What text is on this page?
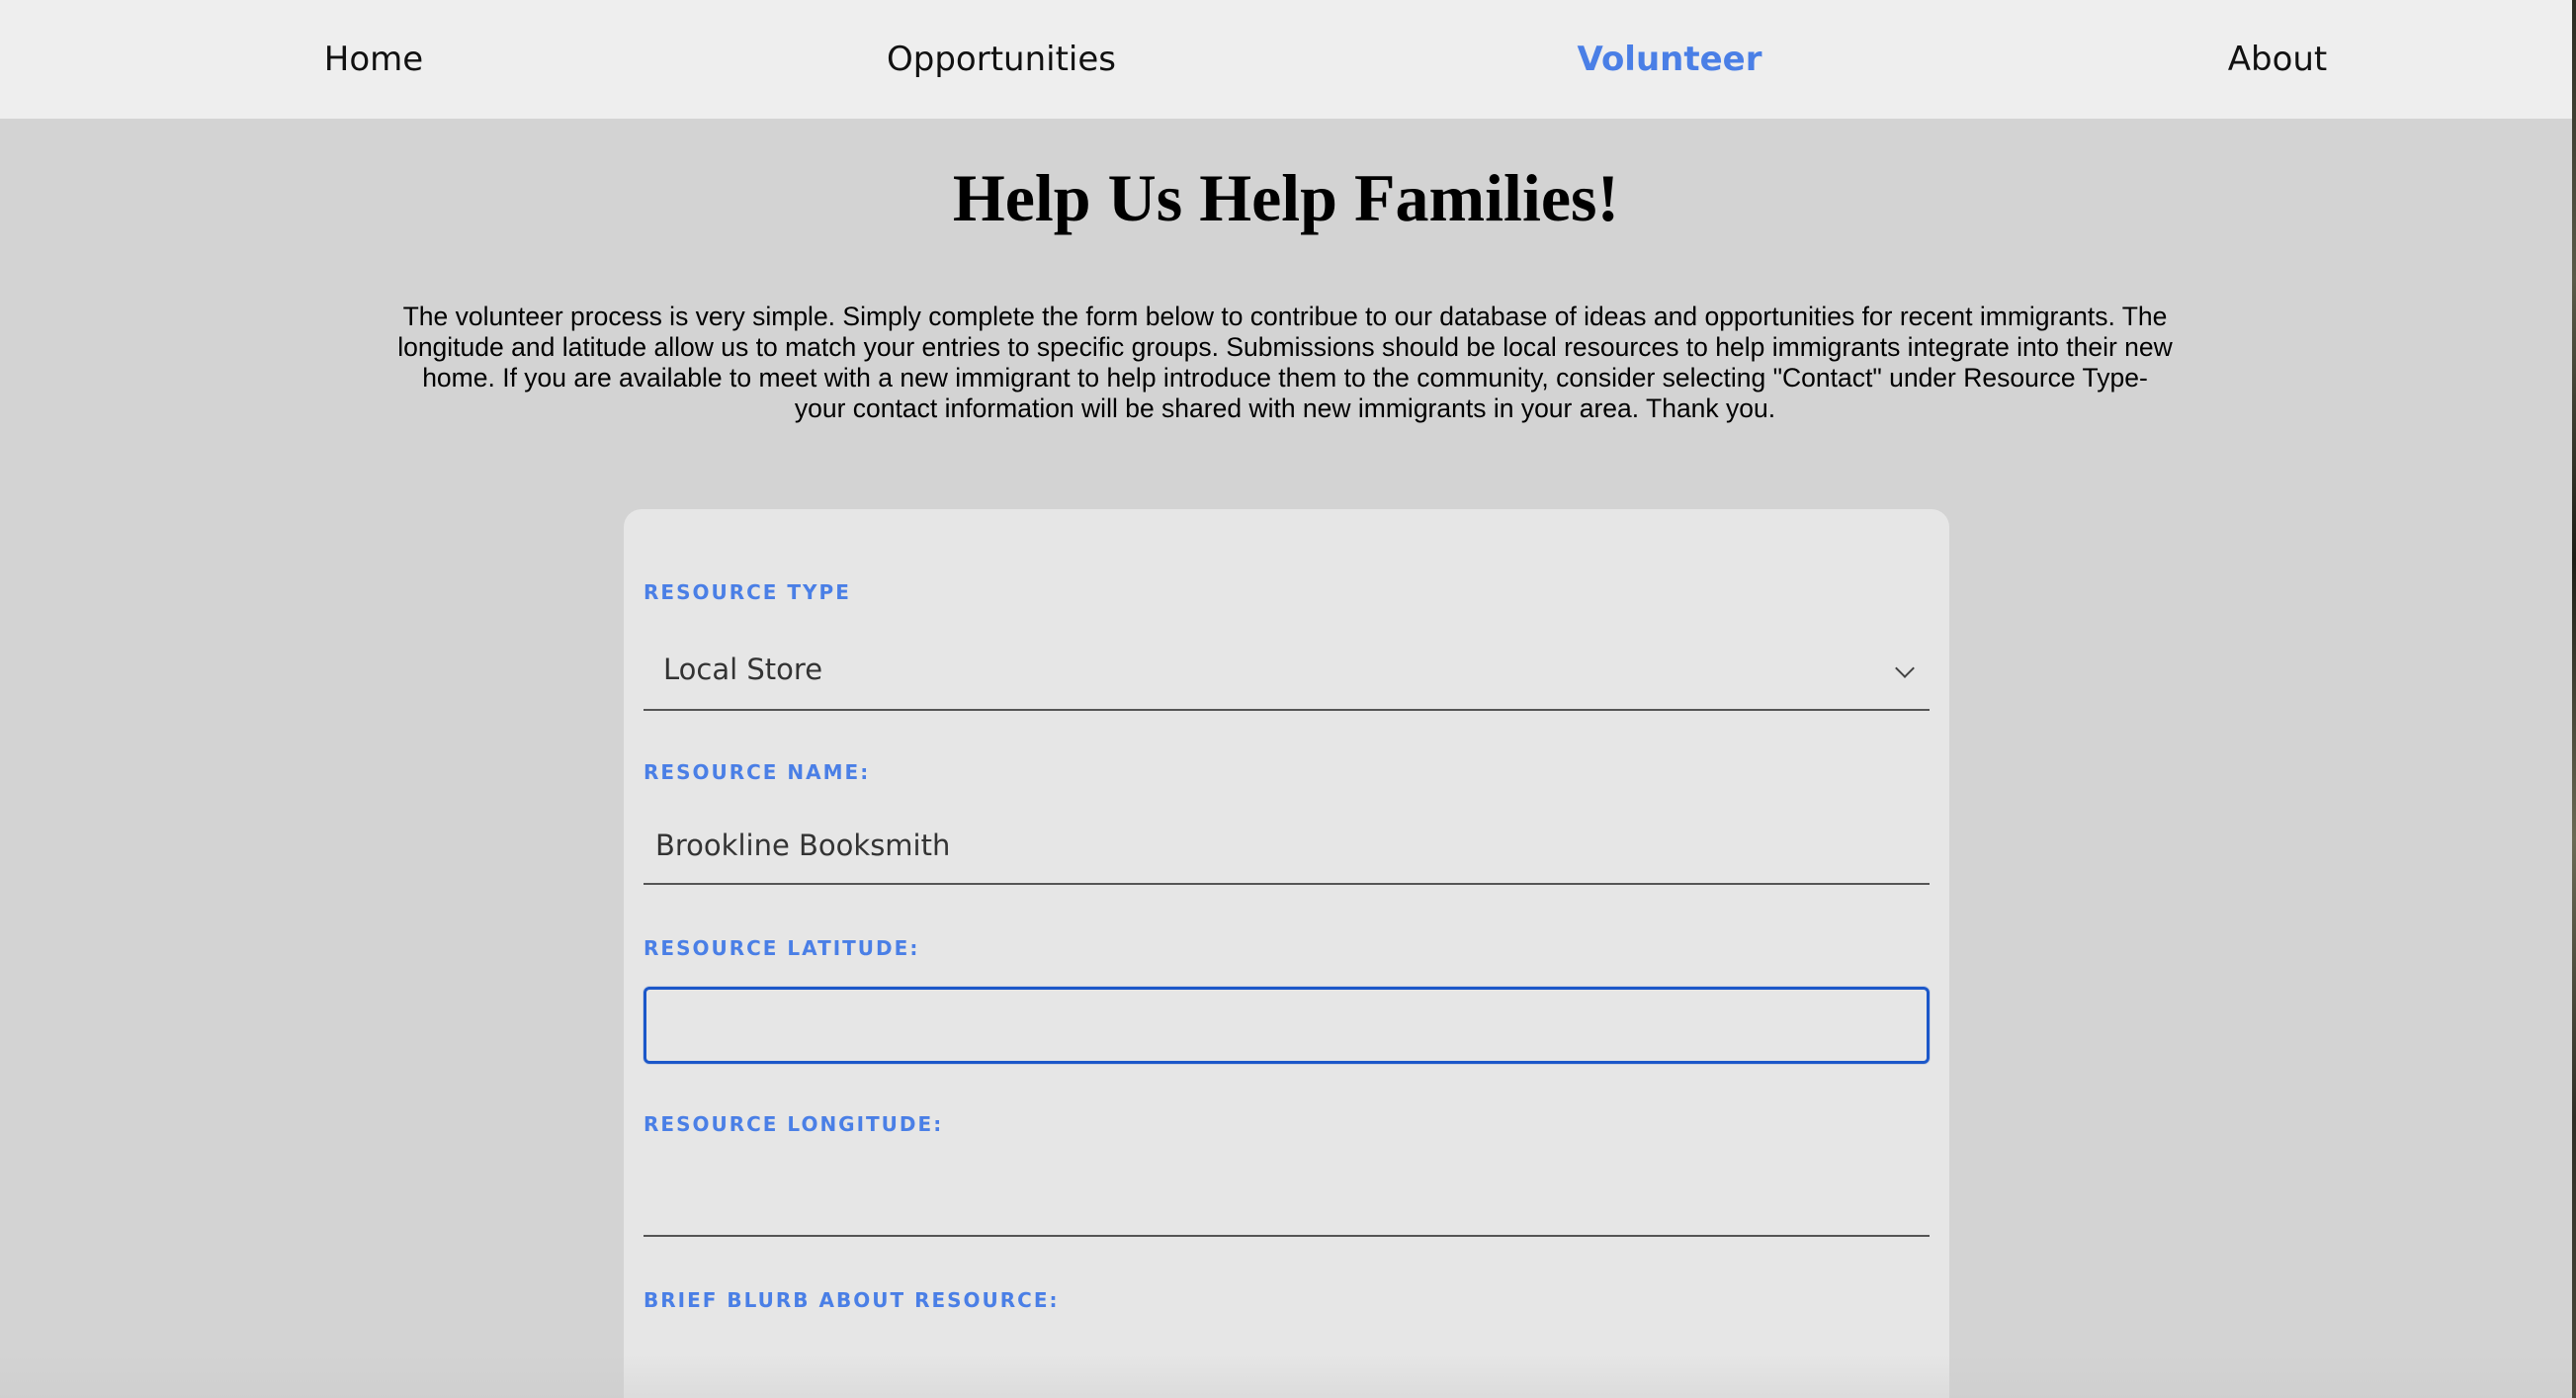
Home	Opportunities	Volunteer	About
Help Us Help Families!

The volunteer process is very simple. Simply complete the form below to contribue to our database of ideas and opportunities for recent immigrants. The longitude and latitude allow us to match your entries to specific groups. Submissions should be local resources to help immigrants integrate into their new home. If you are available to meet with a new immigrant to help introduce them to the community, consider selecting "Contact" under Resource Type- your contact information will be shared with new immigrants in your area. Thank you.

RESOURCE TYPE
Local Store
RESOURCE NAME:
Brookline Booksmith
RESOURCE LATITUDE:
RESOURCE LONGITUDE:
BRIEF BLURB ABOUT RESOURCE:
